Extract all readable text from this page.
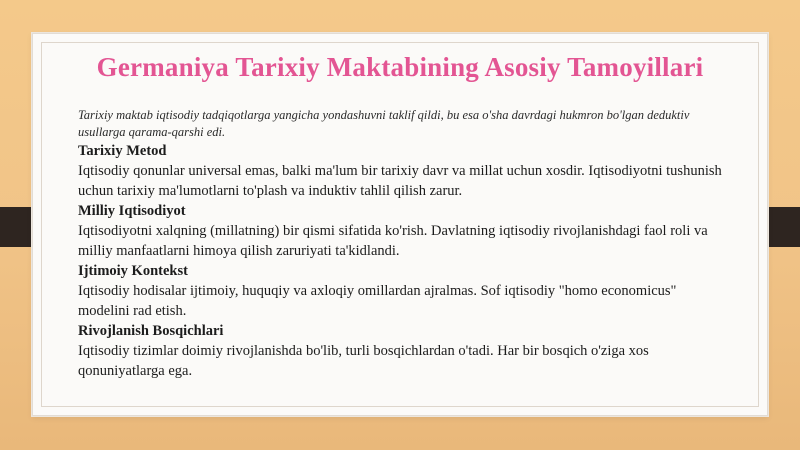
Germaniya Tarixiy Maktabining Asosiy Tamoyillari

Tarixiy maktab iqtisodiy tadqiqotlarga yangicha yondashuvni taklif qildi, bu esa o'sha davrdagi hukmron bo'lgan deduktiv usullarga qarama-qarshi edi.

Tarixiy Metod

Iqtisodiy qonunlar universal emas, balki ma'lum bir tarixiy davr va millat uchun xosdir. Iqtisodiyotni tushunish uchun tarixiy ma'lumotlarni to'plash va induktiv tahlil qilish zarur.

Milliy Iqtisodiyot

Iqtisodiyotni xalqning (millatning) bir qismi sifatida ko'rish. Davlatning iqtisodiy rivojlanishdagi faol roli va milliy manfaatlarni himoya qilish zaruriyati ta'kidlandi.

Ijtimoiy Kontekst

Iqtisodiy hodisalar ijtimoiy, huquqiy va axloqiy omillardan ajralmas. Sof iqtisodiy "homo economicus" modelini rad etish.

Rivojlanish Bosqichlari

Iqtisodiy tizimlar doimiy rivojlanishda bo'lib, turli bosqichlardan o'tadi. Har bir bosqich o'ziga xos qonuniyatlarga ega.
